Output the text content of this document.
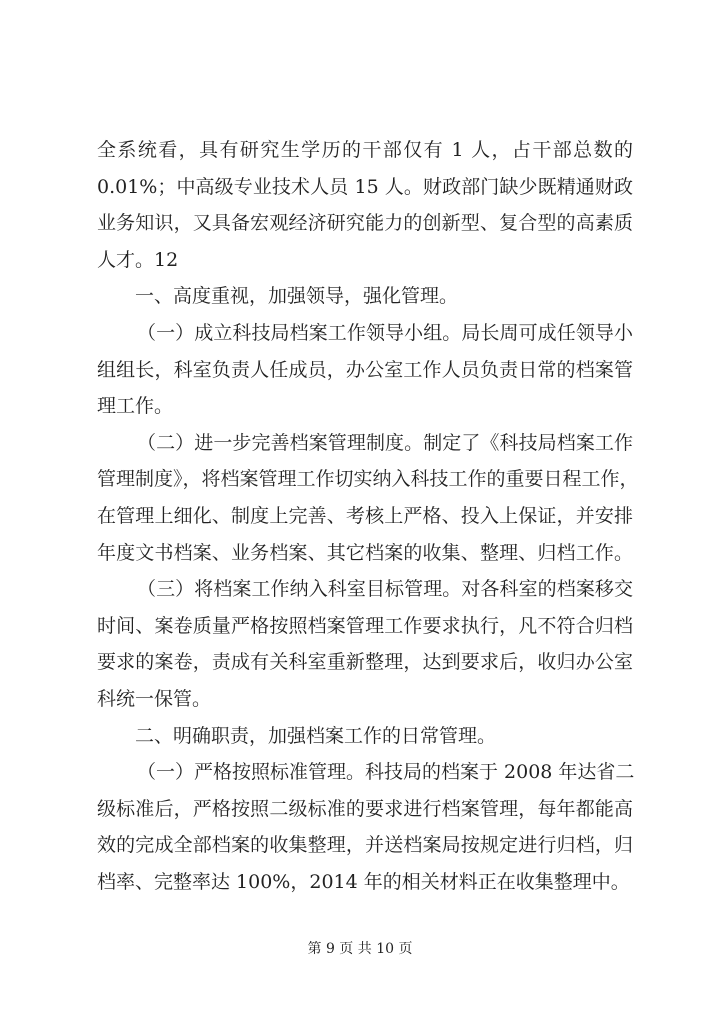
全系统看，具有研究生学历的干部仅有 1 人，占干部总数的
0.01%；中高级专业技术人员 15 人。财政部门缺少既精通财政
业务知识，又具备宏观经济研究能力的创新型、复合型的高素质
人才。12
一、高度重视，加强领导，强化管理。
（一）成立科技局档案工作领导小组。局长周可成任领导小
组组长，科室负责人任成员，办公室工作人员负责日常的档案管
理工作。
（二）进一步完善档案管理制度。制定了《科技局档案工作
管理制度》，将档案管理工作切实纳入科技工作的重要日程工作，
在管理上细化、制度上完善、考核上严格、投入上保证，并安排
年度文书档案、业务档案、其它档案的收集、整理、归档工作。
（三）将档案工作纳入科室目标管理。对各科室的档案移交
时间、案卷质量严格按照档案管理工作要求执行，凡不符合归档
要求的案卷，责成有关科室重新整理，达到要求后，收归办公室
科统一保管。
二、明确职责，加强档案工作的日常管理。
（一）严格按照标准管理。科技局的档案于 2008 年达省二
级标准后，严格按照二级标准的要求进行档案管理，每年都能高
效的完成全部档案的收集整理，并送档案局按规定进行归档，归
档率、完整率达 100%，2014 年的相关材料正在收集整理中。
第 9 页 共 10 页
